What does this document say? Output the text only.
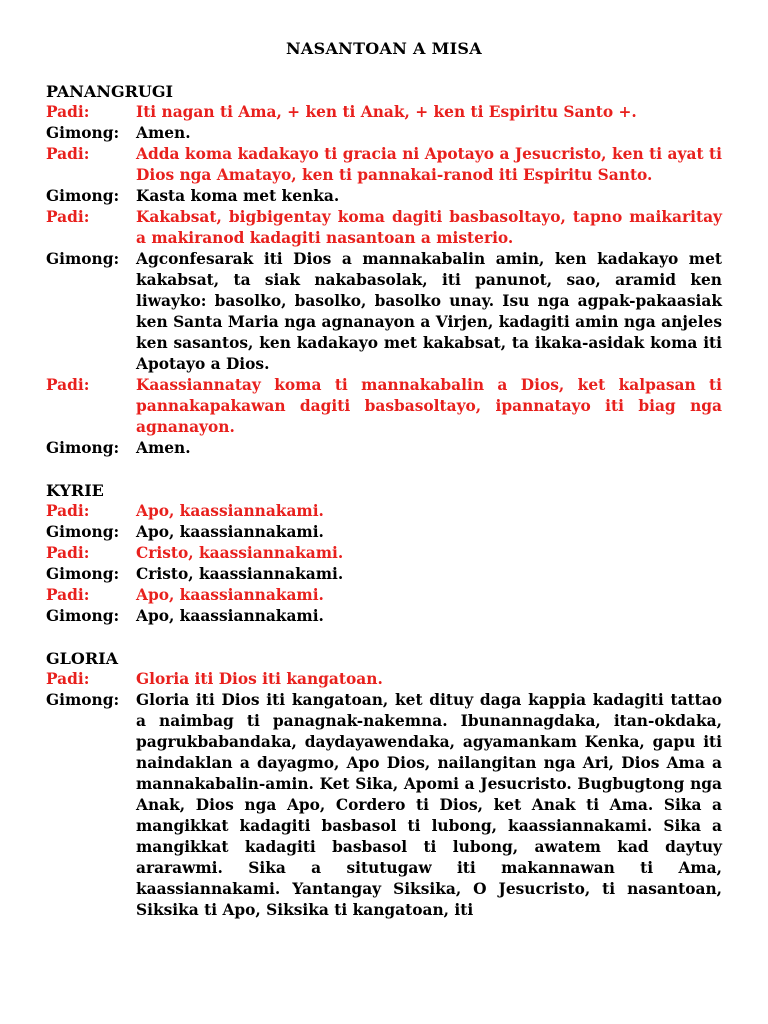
NASANTOAN A MISA
PANANGRUGI
Padi:	Iti nagan ti Ama, + ken ti Anak, + ken ti Espiritu Santo +.
Gimong:	Amen.
Padi:	Adda koma kadakayo ti gracia ni Apotayo a Jesucristo, ken ti ayat ti Dios nga Amatayo, ken ti pannakai-ranod iti Espiritu Santo.
Gimong:	Kasta koma met kenka.
Padi:	Kakabsat, bigbigentay koma dagiti basbasoltayo, tapno maikaritay a makiranod kadagiti nasantoan a misterio.
Gimong:	Agconfesarak iti Dios a mannakabalin amin, ken kadakayo met kakabsat, ta siak nakabasolak, iti panunot, sao, aramid ken liwayko: basolko, basolko, basolko unay. Isu nga agpak-pakaasiak ken Santa Maria nga agnanayon a Virjen, kadagiti amin nga anjeles ken sasantos, ken kadakayo met kakabsat, ta ikaka-asidak koma iti Apotayo a Dios.
Padi:	Kaassiannatay koma ti mannakabalin a Dios, ket kalpasan ti pannakapakawan dagiti basbasoltayo, ipannatayo iti biag nga agnanayon.
Gimong:	Amen.
KYRIE
Padi:	Apo, kaassiannakami.
Gimong:	Apo, kaassiannakami.
Padi:	Cristo, kaassiannakami.
Gimong:	Cristo, kaassiannakami.
Padi:	Apo, kaassiannakami.
Gimong:	Apo, kaassiannakami.
GLORIA
Padi:	Gloria iti Dios iti kangatoan.
Gimong:	Gloria iti Dios iti kangatoan, ket dituy daga kappia kadagiti tattao a naimbag ti panagnak-nakemna. Ibunannagdaka, itan-okdaka, pagrukbabandaka, daydayawendaka, agyamankam Kenka, gapu iti naindaklan a dayagmo, Apo Dios, nailangitan nga Ari, Dios Ama a mannakabalin-amin. Ket Sika, Apomi a Jesucristo. Bugbugtong nga Anak, Dios nga Apo, Cordero ti Dios, ket Anak ti Ama. Sika a mangikkat kadagiti basbasol ti lubong, kaassiannakami. Sika a mangikkat kadagiti basbasol ti lubong, awatem kad daytuy ararawmi. Sika a situtugaw iti makannawan ti Ama, kaassiannakami. Yantangay Siksika, O Jesucristo, ti nasantoan, Siksika ti Apo, Siksika ti kangatoan, iti
